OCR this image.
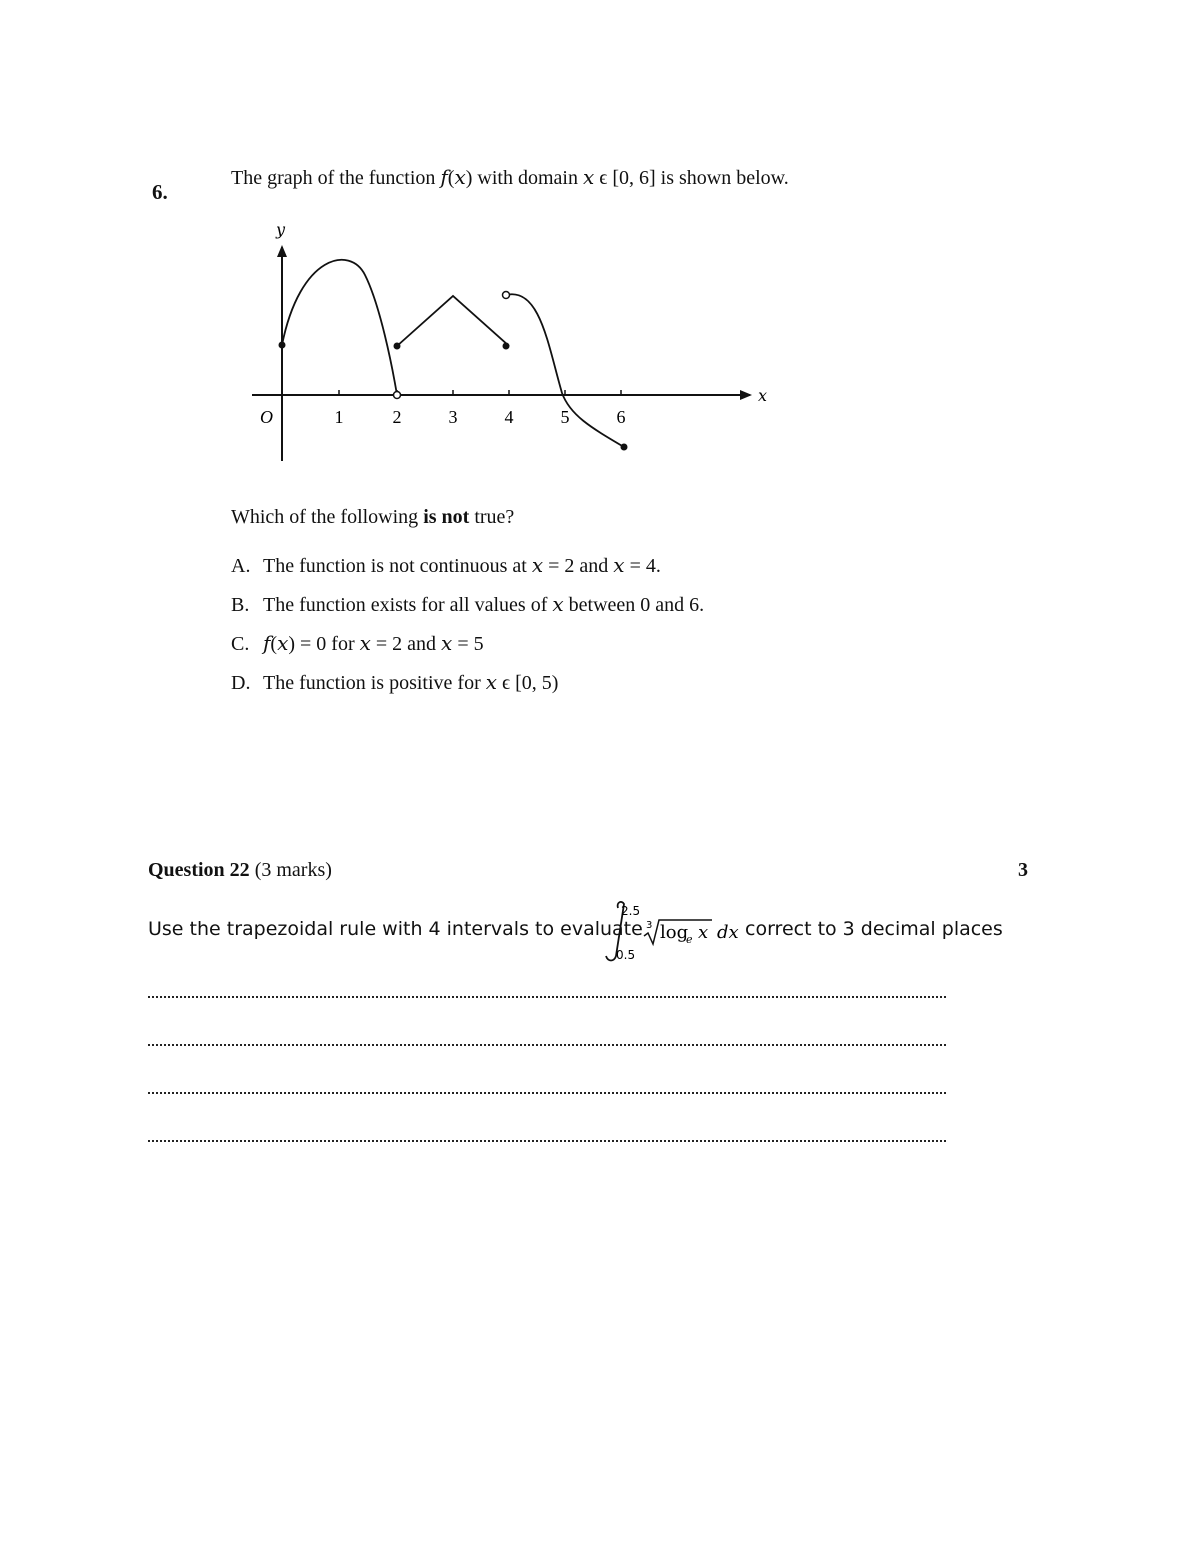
6.
The graph of the function f(x) with domain x ϵ [0, 6] is shown below.
y
x
O	1	2	3	4	5	6
Which of the following is not true?
A. The function is not continuous at 𝑥 = 2 and 𝑥 = 4.
B. The function exists for all values of 𝑥 between 0 and 6.
C. 𝑓(𝑥) = 0 for 𝑥 = 2 and 𝑥 = 5
D. The function is positive for 𝑥 ϵ [0, 5)
Question 22 (3 marks)	3
Use the trapezoidal rule with 4 intervals to evaluate
2.5
0.5
3 log
e x dx correct to 3 decimal places
